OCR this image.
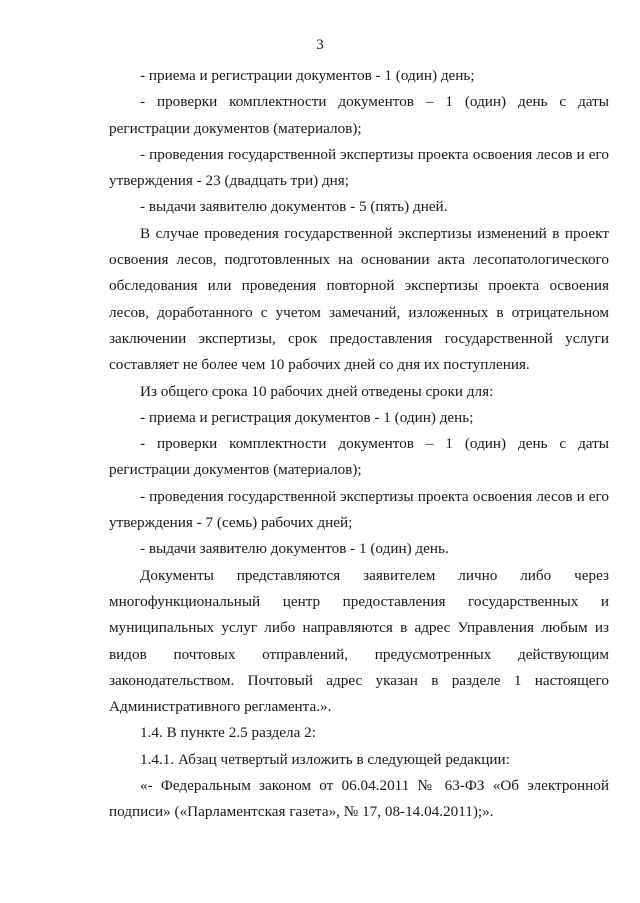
3

- приема и регистрации документов - 1 (один) день;

- проверки комплектности документов – 1 (один) день с даты регистрации документов (материалов);

- проведения государственной экспертизы проекта освоения лесов и его утверждения - 23 (двадцать три) дня;

- выдачи заявителю документов - 5 (пять) дней.

В случае проведения государственной экспертизы изменений в проект освоения лесов, подготовленных на основании акта лесопатологического обследования или проведения повторной экспертизы проекта освоения лесов, доработанного с учетом замечаний, изложенных в отрицательном заключении экспертизы, срок предоставления государственной услуги составляет не более чем 10 рабочих дней со дня их поступления.

Из общего срока 10 рабочих дней отведены сроки для:

- приема и регистрация документов - 1 (один) день;

- проверки комплектности документов – 1 (один) день с даты регистрации документов (материалов);

- проведения государственной экспертизы проекта освоения лесов и его утверждения - 7 (семь) рабочих дней;

- выдачи заявителю документов - 1 (один) день.

Документы представляются заявителем лично либо через многофункциональный центр предоставления государственных и муниципальных услуг либо направляются в адрес Управления любым из видов почтовых отправлений, предусмотренных действующим законодательством. Почтовый адрес указан в разделе 1 настоящего Административного регламента.».

1.4. В пункте 2.5 раздела 2:

1.4.1. Абзац четвертый изложить в следующей редакции:

«- Федеральным законом от 06.04.2011 № 63-ФЗ «Об электронной подписи» («Парламентская газета», № 17, 08-14.04.2011);».
